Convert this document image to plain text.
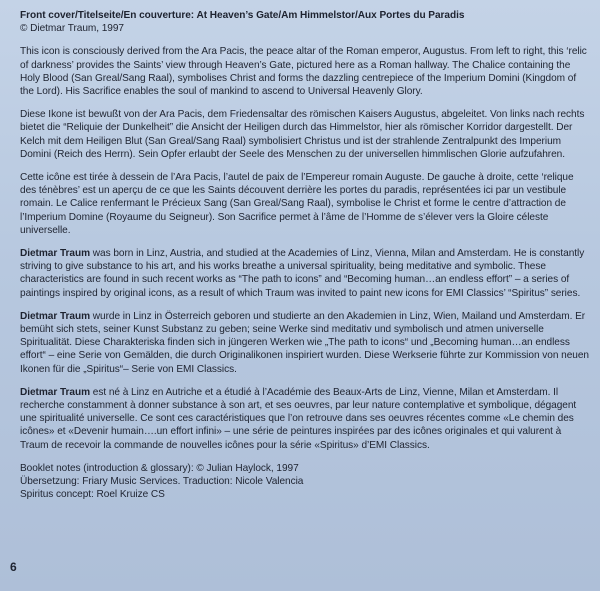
Front cover/Titelseite/En couverture: At Heaven’s Gate/Am Himmelstor/Aux Portes du Paradis
© Dietmar Traum, 1997

This icon is consciously derived from the Ara Pacis, the peace altar of the Roman emperor, Augustus. From left to right, this ‘relic of darkness’ provides the Saints’ view through Heaven’s Gate, pictured here as a Roman hallway. The Chalice containing the Holy Blood (San Greal/Sang Raal), symbolises Christ and forms the dazzling centrepiece of the Imperium Domini (Kingdom of the Lord). His Sacrifice enables the soul of mankind to ascend to Universal Heavenly Glory.

Diese Ikone ist bewußt von der Ara Pacis, dem Friedensaltar des römischen Kaisers Augustus, abgeleitet. Von links nach rechts bietet die “Reliquie der Dunkelheit” die Ansicht der Heiligen durch das Himmelstor, hier als römischer Korridor dargestellt. Der Kelch mit dem Heiligen Blut (San Greal/Sang Raal) symbolisiert Christus und ist der strahlende Zentralpunkt des Imperium Domini (Reich des Herrn). Sein Opfer erlaubt der Seele des Menschen zu der universellen himmlischen Glorie aufzufahren.

Cette icône est tirée à dessein de l’Ara Pacis, l’autel de paix de l’Empereur romain Auguste. De gauche à droite, cette ‘relique des ténèbres’ est un aperçu de ce que les Saints découvent derrière les portes du paradis, représentées ici par un vestibule romain. Le Calice renfermant le Précieux Sang (San Greal/Sang Raal), symbolise le Christ et forme le centre d’attraction de l’Imperium Domine (Royaume du Seigneur). Son Sacrifice permet à l’âme de l’Homme de s’élever vers la Gloire céleste universelle.

Dietmar Traum was born in Linz, Austria, and studied at the Academies of Linz, Vienna, Milan and Amsterdam. He is constantly striving to give substance to his art, and his works breathe a universal spirituality, being meditative and symbolic. These characteristics are found in such recent works as “The path to icons” and “Becoming human…an endless effort” – a series of paintings inspired by original icons, as a result of which Traum was invited to paint new icons for EMI Classics’ “Spiritus” series.

Dietmar Traum wurde in Linz in Österreich geboren und studierte an den Akademien in Linz, Wien, Mailand und Amsterdam. Er bemüht sich stets, seiner Kunst Substanz zu geben; seine Werke sind meditativ und symbolisch und atmen universelle Spiritualität. Diese Charakteriska finden sich in jüngeren Werken wie „The path to icons“ und „Becoming human…an endless effort“ – eine Serie von Gemälden, die durch Originalikonen inspiriert wurden. Diese Werkserie führte zur Kommission von neuen Ikonen für die „Spiritus“– Serie von EMI Classics.

Dietmar Traum est né à Linz en Autriche et a étudié à l’Académie des Beaux-Arts de Linz, Vienne, Milan et Amsterdam. Il recherche constamment à donner substance à son art, et ses oeuvres, par leur nature contemplative et symbolique, dégagent une spiritualité universelle. Ce sont ces caractéristiques que l’on retrouve dans ses oeuvres récentes comme «Le chemin des icônes» et «Devenir humain….un effort infini» – une série de peintures inspirées par des icônes originales et qui valurent à Traum de recevoir la commande de nouvelles icônes pour la série «Spiritus» d’EMI Classics.

Booklet notes (introduction & glossary): © Julian Haylock, 1997
Übersetzung: Friary Music Services. Traduction: Nicole Valencia
Spiritus concept: Roel Kruize CS
6
